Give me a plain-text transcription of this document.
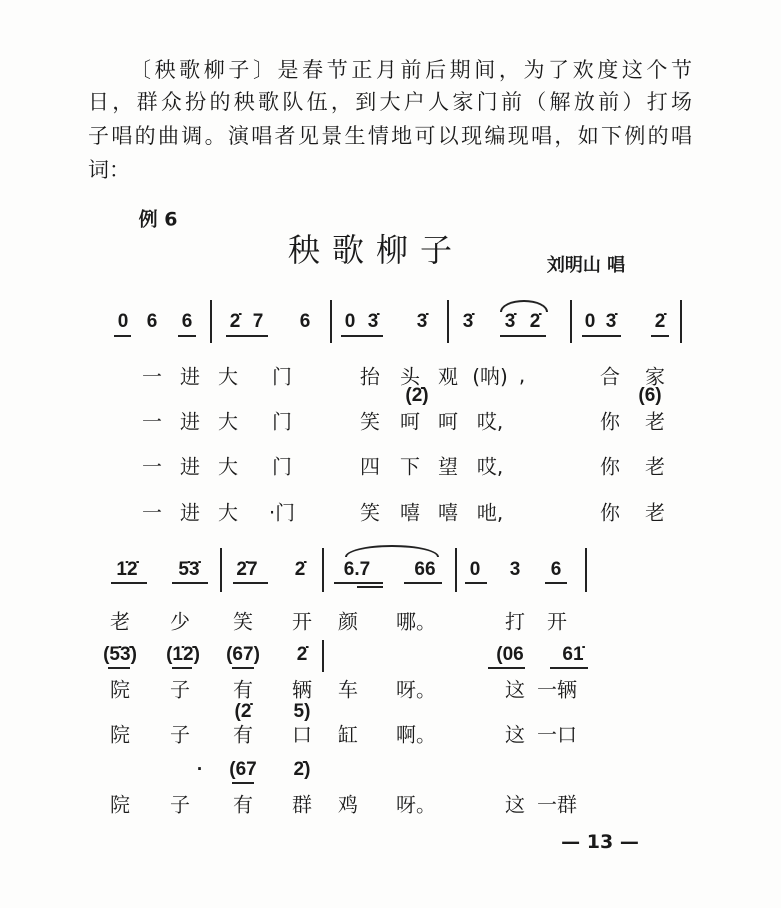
〔秧歌柳子〕是春节正月前后期间，为了欢度这个节
日，群众扮的秧歌队伍，到大户人家门前（解放前）打场
子唱的曲调。演唱者见景生情地可以现编现唱，如下例的唱
词：
例 6
秧歌柳子	刘明山 唱
0 6 6 2̇ 7 6 0 3̇ 3̇ 3̇ 3̇ 2̇ 0 3̇ 2̇
一 进 大 门	抬 头 观 (呐) ,	合 家
(2̇)	(6)
一 进 大 门	笑 呵 呵 哎,	你 老
一 进 大 门	四 下 望 哎,	你 老
一 进 大 ·门	笑 嘻 嘻 吔,	你 老
1̇2̇ 5̇3̇ 2̇7 2̇ 6.7 66 0 3 6
老 少 笑 开 颜 哪。	打 开
(5̇3̇) (1̇2̇) (67) 2̇	(06 61̇
院 子 有 辆 车 呀。	这 一辆
(2̇ 5)
院 子 有 口 缸 啊。	这 一口
· (67 2̇)
院 子 有 群 鸡 呀。	这 一群
— 13 —
